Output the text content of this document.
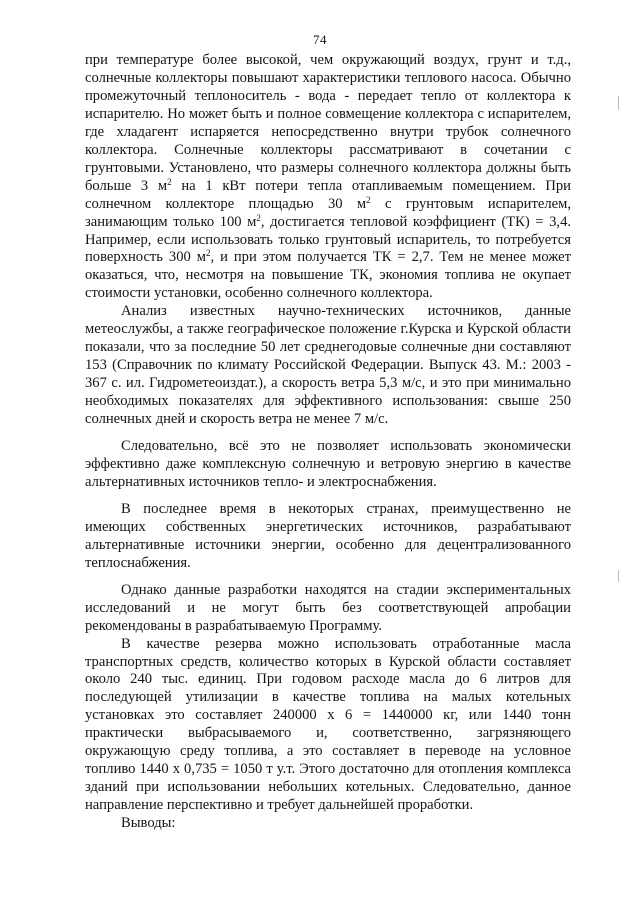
74

при температуре более высокой, чем окружающий воздух, грунт и т.д., солнечные коллекторы повышают характеристики теплового насоса. Обычно промежуточный теплоноситель - вода - передает тепло от коллектора к испарителю. Но может быть и полное совмещение коллектора с испарителем, где хладагент испаряется непосредственно внутри трубок солнечного коллектора. Солнечные коллекторы рассматривают в сочетании с грунтовыми. Установлено, что размеры солнечного коллектора должны быть больше 3 $м^2$ на 1 кВт потери тепла отапливаемым помещением. При солнечном коллекторе площадью 30 $м^2$ с грунтовым испарителем, занимающим только 100 $м^2$, достигается тепловой коэффициент (ТК) = 3,4. Например, если использовать только грунтовый испаритель, то потребуется поверхность 300 $м^2$, и при этом получается ТК = 2,7. Тем не менее может оказаться, что, несмотря на повышение ТК, экономия топлива не окупает стоимости установки, особенно солнечного коллектора.

Анализ известных научно-технических источников, данные метеослужбы, а также географическое положение г.Курска и Курской области показали, что за последние 50 лет среднегодовые солнечные дни составляют 153 (Справочник по климату Российской Федерации. Выпуск 43. М.: 2003 - 367 с. ил. Гидрометеоиздат.), а скорость ветра 5,3 м/с, и это при минимально необходимых показателях для эффективного использования: свыше 250 солнечных дней и скорость ветра не менее 7 м/с.

Следовательно, всё это не позволяет использовать экономически эффективно даже комплексную солнечную и ветровую энергию в качестве альтернативных источников тепло- и электроснабжения.

В последнее время в некоторых странах, преимущественно не имеющих собственных энергетических источников, разрабатывают альтернативные источники энергии, особенно для децентрализованного теплоснабжения.

Однако данные разработки находятся на стадии экспериментальных исследований и не могут быть без соответствующей апробации рекомендованы в разрабатываемую Программу.

В качестве резерва можно использовать отработанные масла транспортных средств, количество которых в Курской области составляет около 240 тыс. единиц. При годовом расходе масла до 6 литров для последующей утилизации в качестве топлива на малых котельных установках это составляет 240000 х 6 = 1440000 кг, или 1440 тонн практически выбрасываемого и, соответственно, загрязняющего окружающую среду топлива, а это составляет в переводе на условное топливо 1440 х 0,735 = 1050 т у.т. Этого достаточно для отопления комплекса зданий при использовании небольших котельных. Следовательно, данное направление перспективно и требует дальнейшей проработки.

Выводы:
